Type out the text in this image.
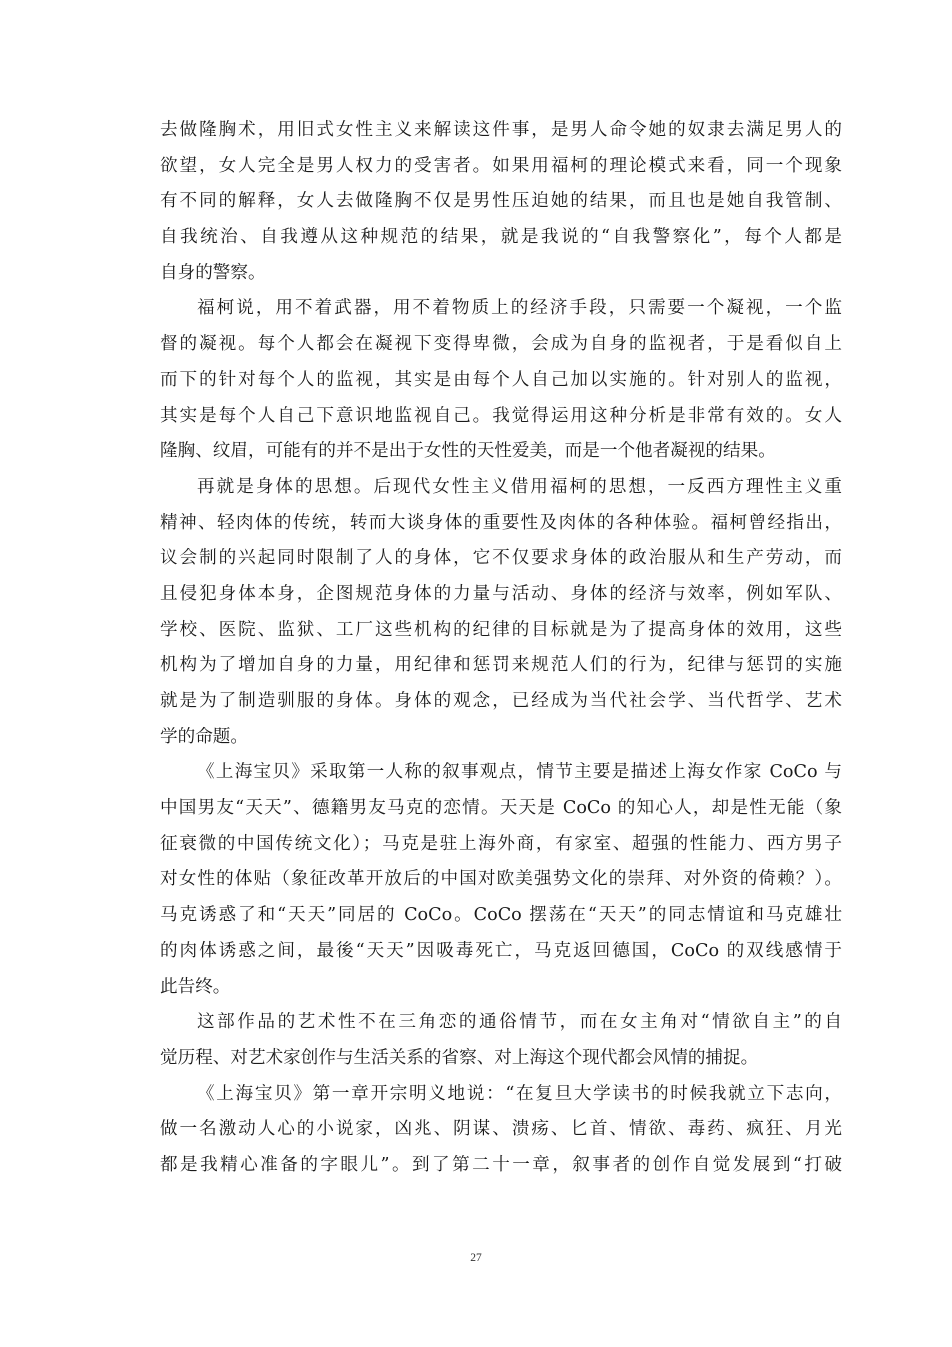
去做隆胸术，用旧式女性主义来解读这件事，是男人命令她的奴隶去满足男人的
欲望，女人完全是男人权力的受害者。如果用福柯的理论模式来看，同一个现象
有不同的解释，女人去做隆胸不仅是男性压迫她的结果，而且也是她自我管制、
自我统治、自我遵从这种规范的结果，就是我说的“自我警察化”，每个人都是
自身的警察。
福柯说，用不着武器，用不着物质上的经济手段，只需要一个凝视，一个监
督的凝视。每个人都会在凝视下变得卑微，会成为自身的监视者，于是看似自上
而下的针对每个人的监视，其实是由每个人自己加以实施的。针对别人的监视，
其实是每个人自己下意识地监视自己。我觉得运用这种分析是非常有效的。女人
隆胸、纹眉，可能有的并不是出于女性的天性爱美，而是一个他者凝视的结果。
再就是身体的思想。后现代女性主义借用福柯的思想，一反西方理性主义重
精神、轻肉体的传统，转而大谈身体的重要性及肉体的各种体验。福柯曾经指出，
议会制的兴起同时限制了人的身体，它不仅要求身体的政治服从和生产劳动，而
且侵犯身体本身，企图规范身体的力量与活动、身体的经济与效率，例如军队、
学校、医院、监狱、工厂这些机构的纪律的目标就是为了提高身体的效用，这些
机构为了增加自身的力量，用纪律和惩罚来规范人们的行为，纪律与惩罚的实施
就是为了制造驯服的身体。身体的观念，已经成为当代社会学、当代哲学、艺术
学的命题。
《上海宝贝》采取第一人称的叙事观点，情节主要是描述上海女作家 CoCo 与
中国男友“天天”、德籍男友马克的恋情。天天是 CoCo 的知心人，却是性无能（象
征衰微的中国传统文化）；马克是驻上海外商，有家室、超强的性能力、西方男子
对女性的体贴（象征改革开放后的中国对欧美强势文化的崇拜、对外资的倚赖？）。
马克诱惑了和“天天”同居的 CoCo。CoCo 摆荡在“天天”的同志情谊和马克雄壮
的肉体诱惑之间，最後“天天”因吸毒死亡，马克返回德国，CoCo 的双线感情于
此告终。
这部作品的艺术性不在三角恋的通俗情节，而在女主角对“情欲自主”的自
觉历程、对艺术家创作与生活关系的省察、对上海这个现代都会风情的捕捉。
《上海宝贝》第一章开宗明义地说：“在复旦大学读书的时候我就立下志向，
做一名激动人心的小说家，凶兆、阴谋、溃疡、匕首、情欲、毒药、疯狂、月光
都是我精心准备的字眼儿”。到了第二十一章，叙事者的创作自觉发展到“打破
27
